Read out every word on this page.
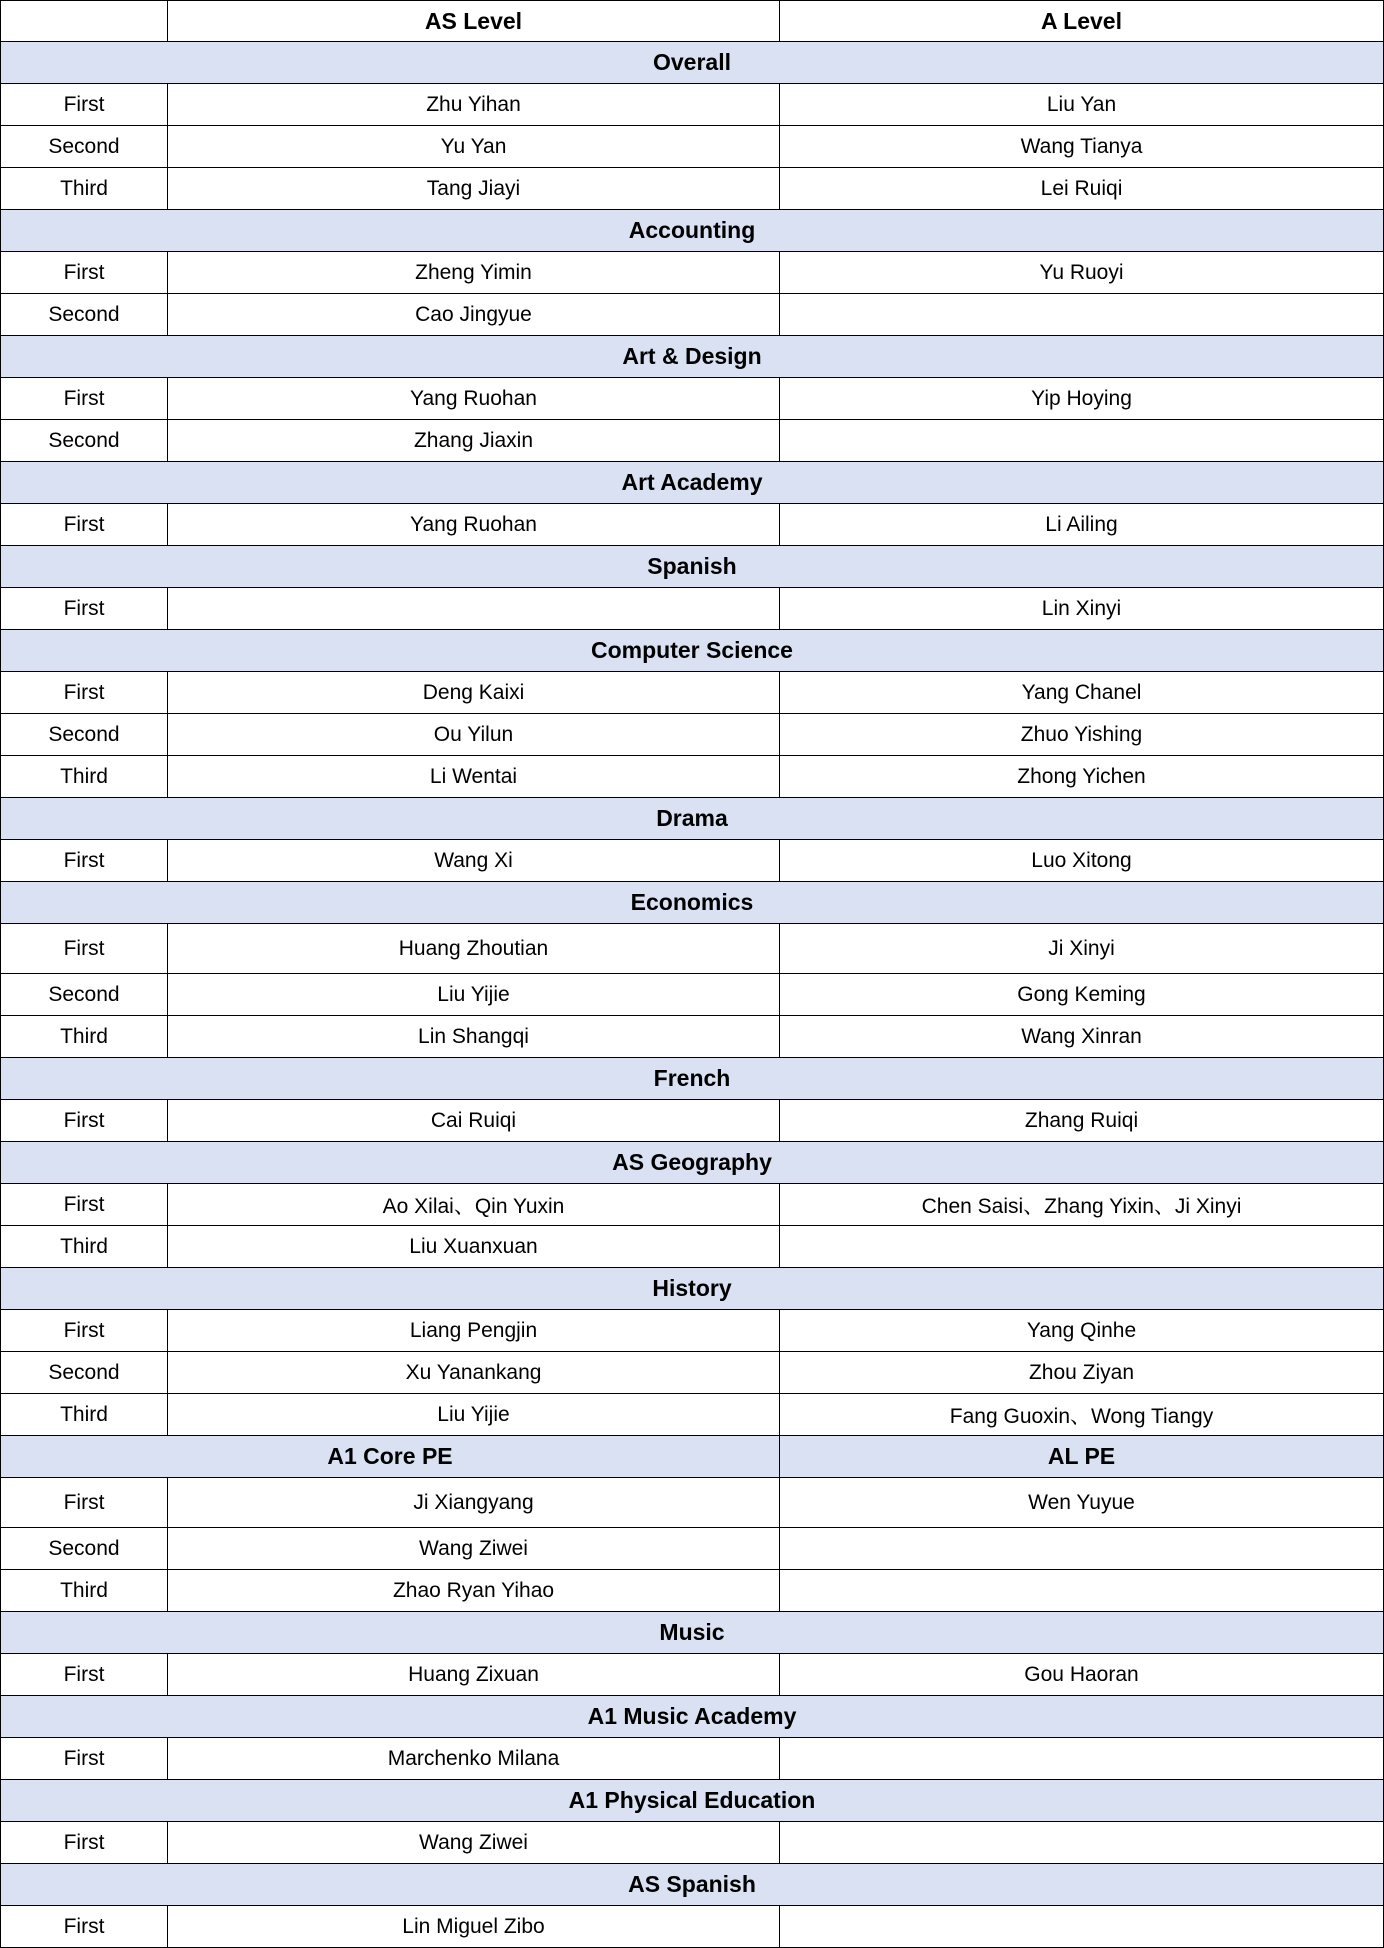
	AS Level	A Level
Overall		
First	Zhu Yihan	Liu Yan
Second	Yu Yan	Wang Tianya
Third	Tang Jiayi	Lei Ruiqi
Accounting		
First	Zheng Yimin	Yu Ruoyi
Second	Cao Jingyue	
Art & Design		
First	Yang Ruohan	Yip Hoying
Second	Zhang Jiaxin	
Art Academy		
First	Yang Ruohan	Li Ailing
Spanish		
First		Lin Xinyi
Computer Science		
First	Deng Kaixi	Yang Chanel
Second	Ou Yilun	Zhuo Yishing
Third	Li Wentai	Zhong Yichen
Drama		
First	Wang Xi	Luo Xitong
Economics		
First	Huang Zhoutian	Ji Xinyi
Second	Liu Yijie	Gong Keming
Third	Lin Shangqi	Wang Xinran
French		
First	Cai Ruiqi	Zhang Ruiqi
AS Geography		
First	Ao Xilai、Qin Yuxin	Chen Saisi、Zhang Yixin、Ji Xinyi
Third	Liu Xuanxuan	
History		
First	Liang Pengjin	Yang Qinhe
Second	Xu Yanankang	Zhou Ziyan
Third	Liu Yijie	Fang Guoxin、Wong Tiangy
A1 Core PE		AL PE
First	Ji Xiangyang	Wen Yuyue
Second	Wang Ziwei	
Third	Zhao Ryan Yihao	
Music		
First	Huang Zixuan	Gou Haoran
A1 Music Academy		
First	Marchenko Milana	
A1 Physical Education		
First	Wang Ziwei	
AS Spanish		
First	Lin Miguel Zibo	
